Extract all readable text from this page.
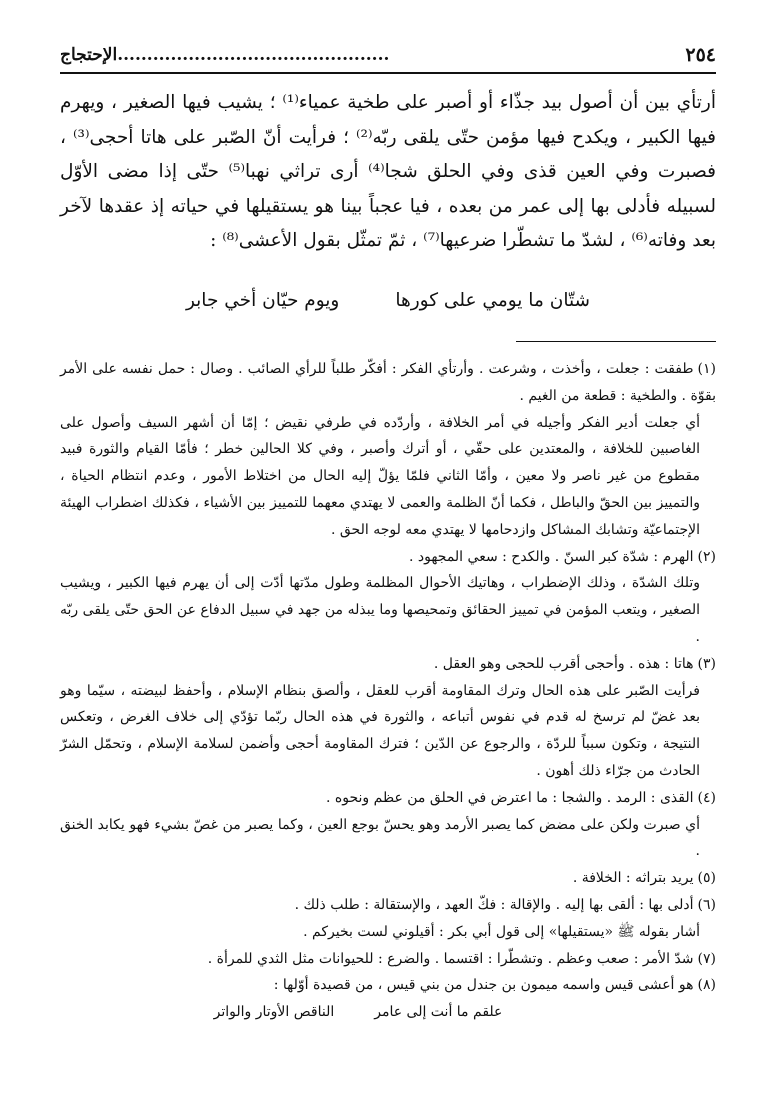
٢٥٤
..............................................الإحتجاج

أرتأي بين أن أصول بيد جذّاء أو أصبر على طخية عمياء⁽¹⁾ ؛ يشيب فيها الصغير ، ويهرم فيها الكبير ، ويكدح فيها مؤمن حتّى يلقى ربّه⁽²⁾ ؛ فرأيت أنّ الصّبر على هاتا أحجى⁽³⁾ ، فصبرت وفي العين قذى وفي الحلق شجا⁽⁴⁾ أرى تراثي نهبا⁽⁵⁾ حتّى إذا مضى الأوّل لسبيله فأدلى بها إلى عمر من بعده ، فيا عجباً بينا هو يستقيلها في حياته إذ عقدها لآخر بعد وفاته⁽⁶⁾ ، لشدّ ما تشطّرا ضرعيها⁽⁷⁾ ، ثمّ تمثّل بقول الأعشى⁽⁸⁾ :

شتّان ما يومي على كورها
ويوم حيّان أخي جابر

(١)طفقت : جعلت ، وأخذت ، وشرعت . وأرتأي الفكر : أفكّر طلباً للرأي الصائب . وصال : حمل نفسه على الأمر بقوّة . والطخية : قطعة من الغيم .

أي جعلت أدير الفكر وأجيله في أمر الخلافة ، وأردّده في طرفي نقيض ؛ إمّا أن أشهر السيف وأصول على الغاصبين للخلافة ، والمعتدين على حقّي ، أو أترك وأصبر ، وفي كلا الحالين خطر ؛ فأمّا القيام والثورة فبيد مقطوع من غير ناصر ولا معين ، وأمّا الثاني فلمّا يؤلّ إليه الحال من اختلاط الأمور ، وعدم انتظام الحياة ، والتمييز بين الحقّ والباطل ، فكما أنّ الظلمة والعمى لا يهتدي معهما للتمييز بين الأشياء ، فكذلك اضطراب الهيئة الإجتماعيّة وتشابك المشاكل وازدحامها لا يهتدي معه لوجه الحق .

(٢)الهرم : شدّة كبر السنّ . والكدح : سعي المجهود .

وتلك الشدّة ، وذلك الإضطراب ، وهاتيك الأحوال المظلمة وطول مدّتها أدّت إلى أن يهرم فيها الكبير ، ويشيب الصغير ، ويتعب المؤمن في تمييز الحقائق وتمحيصها وما يبذله من جهد في سبيل الدفاع عن الحق حتّى يلقى ربّه .

(٣)هاتا : هذه . وأحجى أقرب للحجى وهو العقل .

فرأيت الصّبر على هذه الحال وترك المقاومة أقرب للعقل ، وألصق بنظام الإسلام ، وأحفظ لبيضته ، سيّما وهو بعد غضّ لم ترسخ له قدم في نفوس أتباعه ، والثورة في هذه الحال ربّما تؤدّي إلى خلاف الغرض ، وتعكس النتيجة ، وتكون سبباً للردّة ، والرجوع عن الدّين ؛ فترك المقاومة أحجى وأضمن لسلامة الإسلام ، وتحمّل الشرّ الحادث من جرّاء ذلك أهون .

(٤)القذى : الرمد . والشجا : ما اعترض في الحلق من عظم ونحوه .

أي صبرت ولكن على مضض كما يصبر الأرمد وهو يحسّ بوجع العين ، وكما يصبر من غصّ بشيء فهو يكابد الخنق .

(٥)يريد بتراثه : الخلافة .

(٦)أدلى بها : ألقى بها إليه . والإقالة : فكّ العهد ، والإستقالة : طلب ذلك .

أشار بقوله ﷺ «يستقيلها» إلى قول أبي بكر : أقيلوني لست بخيركم .

(٧)شدّ الأمر : صعب وعظم . وتشطّرا : اقتسما . والضرع : للحيوانات مثل الثدي للمرأة .

(٨)هو أعشى قيس واسمه ميمون بن جندل من بني قيس ، من قصيدة أوّلها :

علقم ما أنت إلى عامر
الناقص الأوتار والواتر
